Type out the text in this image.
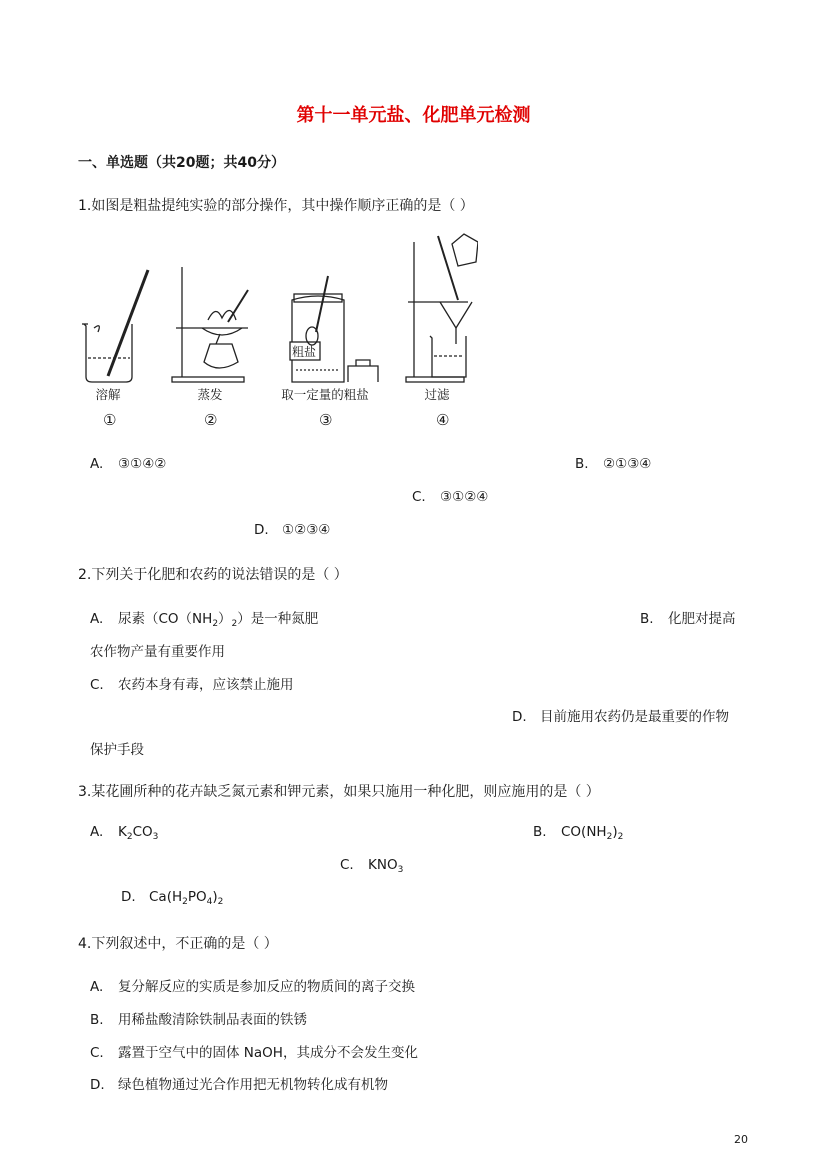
第十一单元盐、化肥单元检测
一、单选题（共20题；共40分）
1.如图是粗盐提纯实验的部分操作，其中操作顺序正确的是（ ）
粗盐
溶解	蒸发	取一定量的粗盐	过滤
①	②	③	④
A. ③①④②	B. ②①③④
C. ③①②④
D. ①②③④
2.下列关于化肥和农药的说法错误的是（ ）
A. 尿素$(CO(NH_2)_2)$是一种氮肥	B. 化肥对提高
农作物产量有重要作用
C. 农药本身有毒，应该禁止施用
D. 目前施用农药仍是最重要的作物
保护手段
3.某花圃所种的花卉缺乏氮元素和钾元素，如果只施用一种化肥，则应施用的是（ ）
A. $K_2CO_3$	B. $CO(NH_2)_2$
C. $KNO_3$
D. $Ca(H_2PO_4)_2$
4.下列叙述中，不正确的是（ ）
A. 复分解反应的实质是参加反应的物质间的离子交换
B. 用稀盐酸清除铁制品表面的铁锈
C. 露置于空气中的固体 NaOH，其成分不会发生变化
D. 绿色植物通过光合作用把无机物转化成有机物
20
